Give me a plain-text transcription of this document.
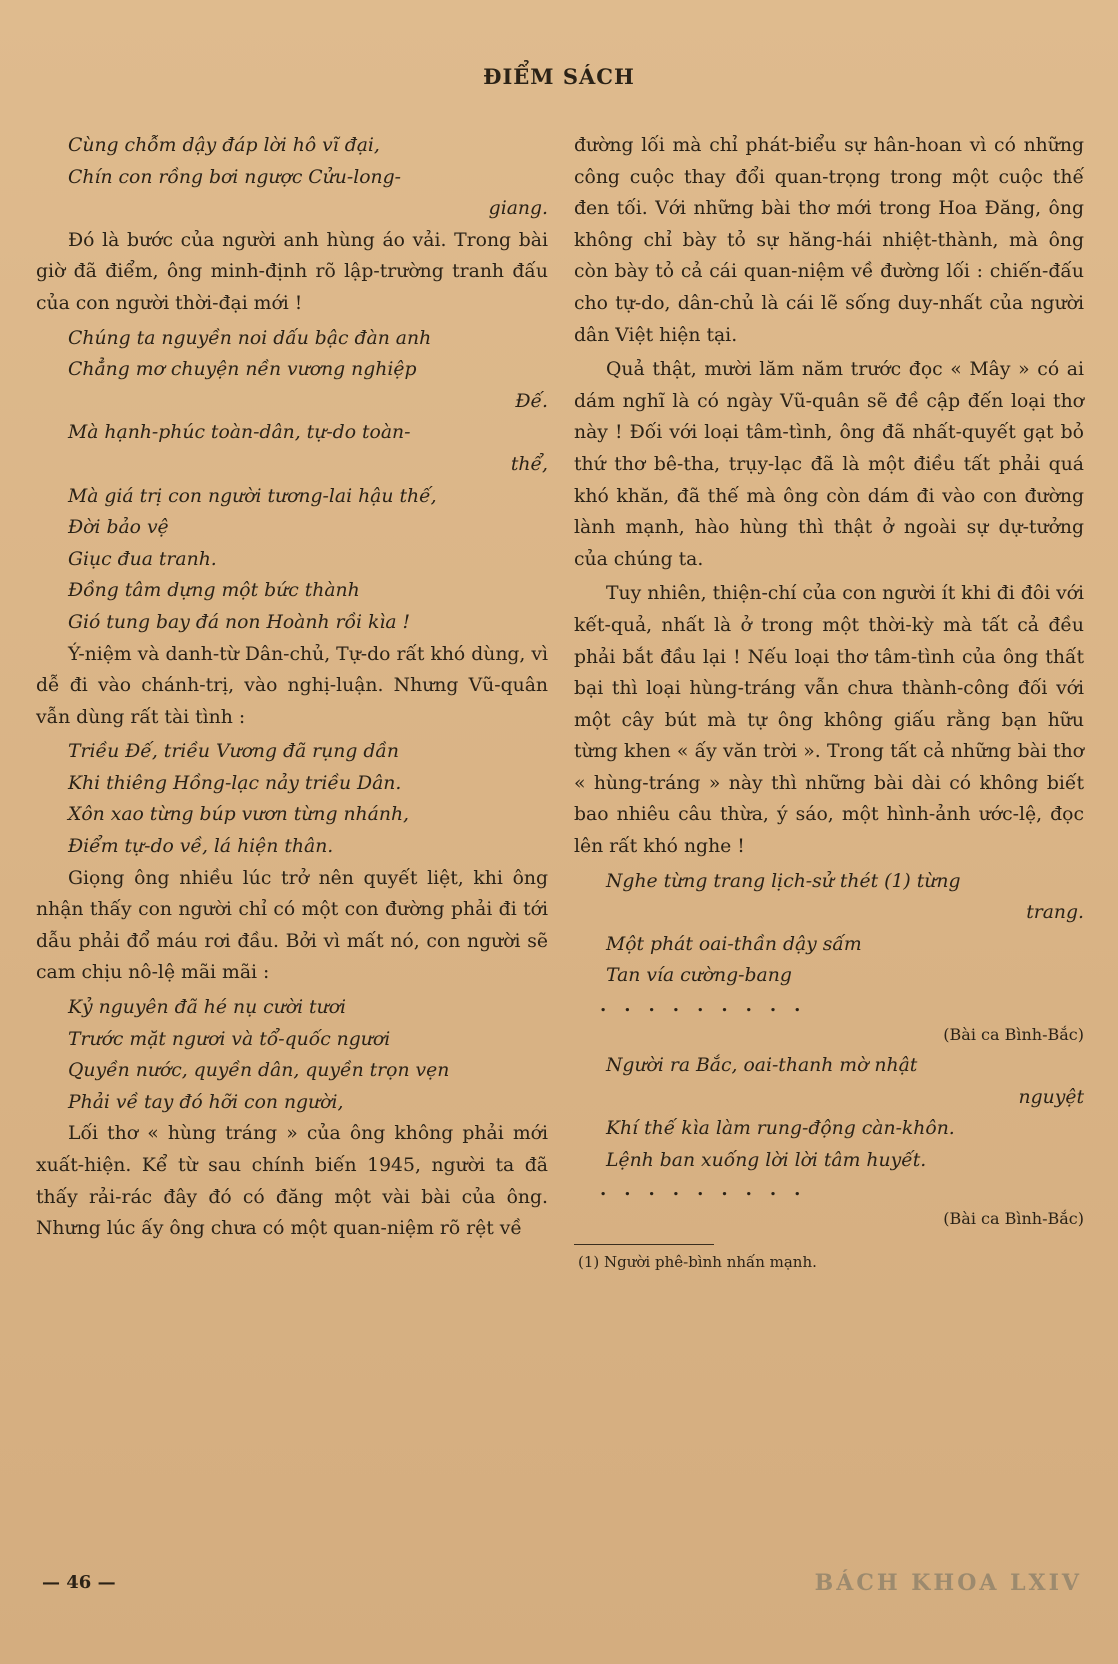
ĐIỂM SÁCH

Cùng chỗm dậy đáp lời hô vĩ đại,

Chín con rồng bơi ngược Cửu-long-

giang.

Đó là bước của người anh hùng áo vải. Trong bài giờ đã điểm, ông minh-định rõ lập-trường tranh đấu của con người thời-đại mới !

Chúng ta nguyền noi dấu bậc đàn anh

Chẳng mơ chuyện nền vương nghiệp

Đế.

Mà hạnh-phúc toàn-dân, tự-do toàn-

thể,

Mà giá trị con người tương-lai hậu thế,

Đời bảo vệ

Giục đua tranh.

Đồng tâm dựng một bức thành

Gió tung bay đá non Hoành rồi kìa !

Ý-niệm và danh-từ Dân-chủ, Tự-do rất khó dùng, vì dễ đi vào chánh-trị, vào nghị-luận. Nhưng Vũ-quân vẫn dùng rất tài tình :

Triều Đế, triều Vương đã rụng dần

Khi thiêng Hồng-lạc nảy triều Dân.

Xôn xao từng búp vươn từng nhánh,

Điểm tự-do về, lá hiện thân.

Giọng ông nhiều lúc trở nên quyết liệt, khi ông nhận thấy con người chỉ có một con đường phải đi tới dẫu phải đổ máu rơi đầu. Bởi vì mất nó, con người sẽ cam chịu nô-lệ mãi mãi :

Kỷ nguyên đã hé nụ cười tươi

Trước mặt ngươi và tổ-quốc ngươi

Quyền nước, quyền dân, quyền trọn vẹn

Phải về tay đó hỡi con người,

Lối thơ « hùng tráng » của ông không phải mới xuất-hiện. Kể từ sau chính biến 1945, người ta đã thấy rải-rác đây đó có đăng một vài bài của ông. Nhưng lúc ấy ông chưa có một quan-niệm rõ rệt về

đường lối mà chỉ phát-biểu sự hân-hoan vì có những công cuộc thay đổi quan-trọng trong một cuộc thế đen tối. Với những bài thơ mới trong Hoa Đăng, ông không chỉ bày tỏ sự hăng-hái nhiệt-thành, mà ông còn bày tỏ cả cái quan-niệm về đường lối : chiến-đấu cho tự-do, dân-chủ là cái lẽ sống duy-nhất của người dân Việt hiện tại.

Quả thật, mười lăm năm trước đọc « Mây » có ai dám nghĩ là có ngày Vũ-quân sẽ đề cập đến loại thơ này ! Đối với loại tâm-tình, ông đã nhất-quyết gạt bỏ thứ thơ bê-tha, trụy-lạc đã là một điều tất phải quá khó khăn, đã thế mà ông còn dám đi vào con đường lành mạnh, hào hùng thì thật ở ngoài sự dự-tưởng của chúng ta.

Tuy nhiên, thiện-chí của con người ít khi đi đôi với kết-quả, nhất là ở trong một thời-kỳ mà tất cả đều phải bắt đầu lại ! Nếu loại thơ tâm-tình của ông thất bại thì loại hùng-tráng vẫn chưa thành-công đối với một cây bút mà tự ông không giấu rằng bạn hữu từng khen « ấy văn trời ». Trong tất cả những bài thơ « hùng-tráng » này thì những bài dài có không biết bao nhiêu câu thừa, ý sáo, một hình-ảnh ước-lệ, đọc lên rất khó nghe !

Nghe từng trang lịch-sử thét (1) từng

trang.

Một phát oai-thần dậy sấm

Tan vía cường-bang

.........

(Bài ca Bình-Bắc)

Người ra Bắc, oai-thanh mờ nhật

nguyệt

Khí thế kìa làm rung-động càn-khôn.

Lệnh ban xuống lời lời tâm huyết.

.........

(Bài ca Bình-Bắc)

(1) Người phê-bình nhấn mạnh.

— 46 —	BÁCH KHOA LXIV
